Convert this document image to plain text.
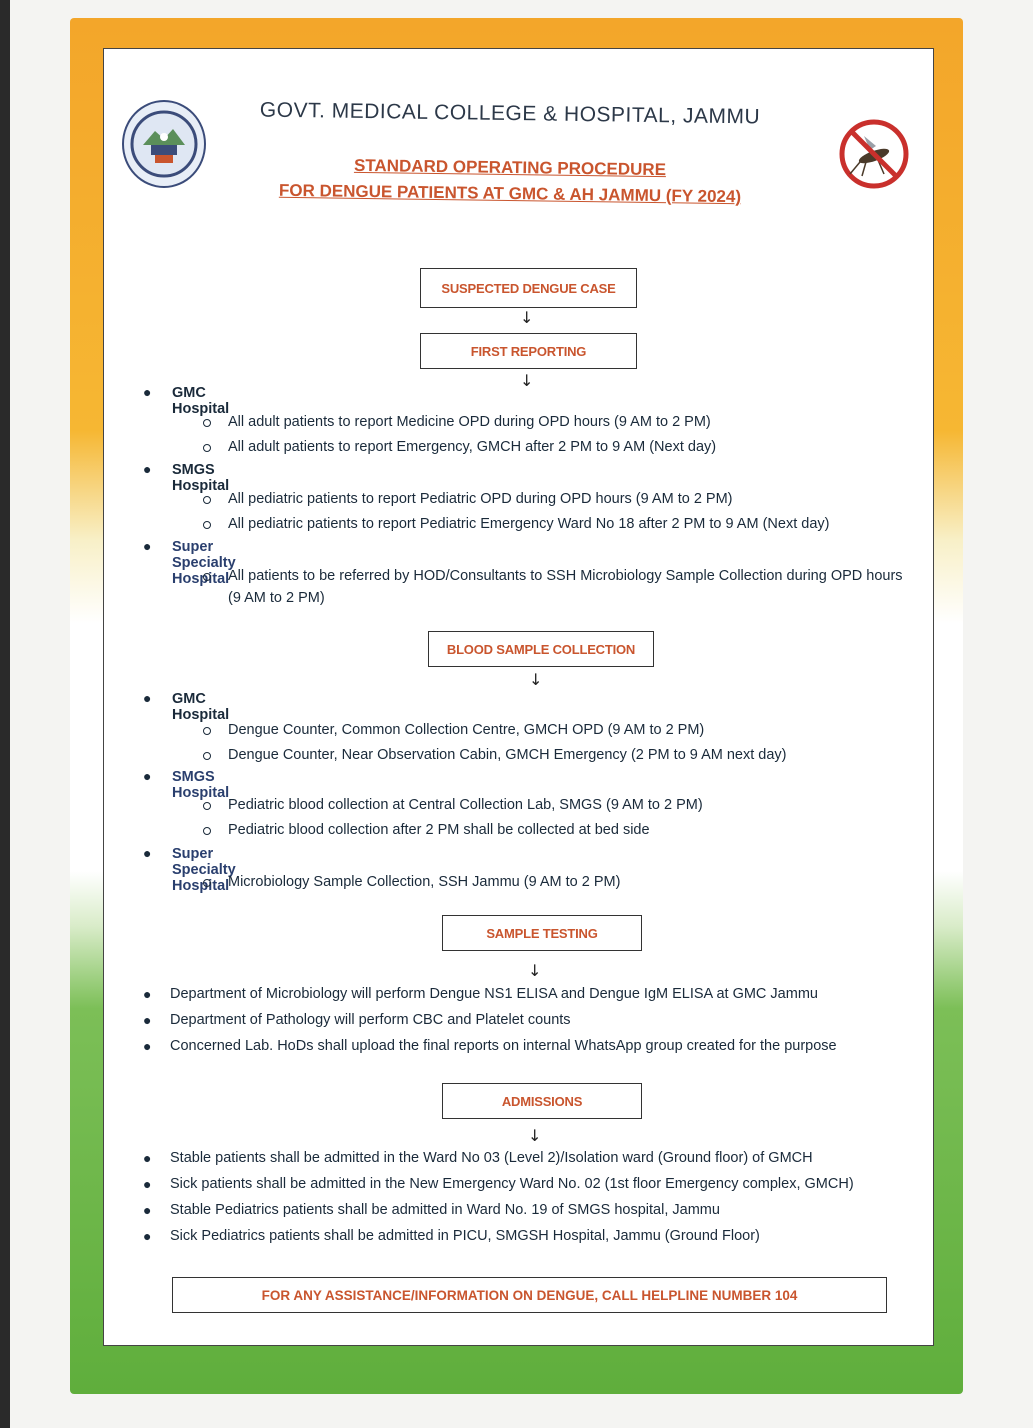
GOVT. MEDICAL COLLEGE & HOSPITAL, JAMMU
STANDARD OPERATING PROCEDURE
FOR DENGUE PATIENTS AT GMC & AH JAMMU (FY 2024)
SUSPECTED DENGUE CASE
↓
FIRST REPORTING
↓
● GMC Hospital
All adult patients to report Medicine OPD during OPD hours (9 AM to 2 PM)
All adult patients to report Emergency, GMCH after 2 PM to 9 AM (Next day)
● SMGS Hospital
All pediatric patients to report Pediatric OPD during OPD hours (9 AM to 2 PM)
All pediatric patients to report Pediatric Emergency Ward No 18 after 2 PM to 9 AM (Next day)
● Super Specialty Hospital
All patients to be referred by HOD/Consultants to SSH Microbiology Sample Collection during OPD hours (9 AM to 2 PM)
BLOOD SAMPLE COLLECTION
↓
● GMC Hospital
Dengue Counter, Common Collection Centre, GMCH OPD (9 AM to 2 PM)
Dengue Counter, Near Observation Cabin, GMCH Emergency (2 PM to 9 AM next day)
● SMGS Hospital
Pediatric blood collection at Central Collection Lab, SMGS (9 AM to 2 PM)
Pediatric blood collection after 2 PM shall be collected at bed side
● Super Specialty Hospital
Microbiology Sample Collection, SSH Jammu (9 AM to 2 PM)
SAMPLE TESTING
↓
● Department of Microbiology will perform Dengue NS1 ELISA and Dengue IgM ELISA at GMC Jammu
● Department of Pathology will perform CBC and Platelet counts
● Concerned Lab. HoDs shall upload the final reports on internal WhatsApp group created for the purpose
ADMISSIONS
↓
● Stable patients shall be admitted in the Ward No 03 (Level 2)/Isolation ward (Ground floor) of GMCH
● Sick patients shall be admitted in the New Emergency Ward No. 02 (1st floor Emergency complex, GMCH)
● Stable Pediatrics patients shall be admitted in Ward No. 19 of SMGS hospital, Jammu
● Sick Pediatrics patients shall be admitted in PICU, SMGSH Hospital, Jammu (Ground Floor)
FOR ANY ASSISTANCE/INFORMATION ON DENGUE, CALL HELPLINE NUMBER 104
